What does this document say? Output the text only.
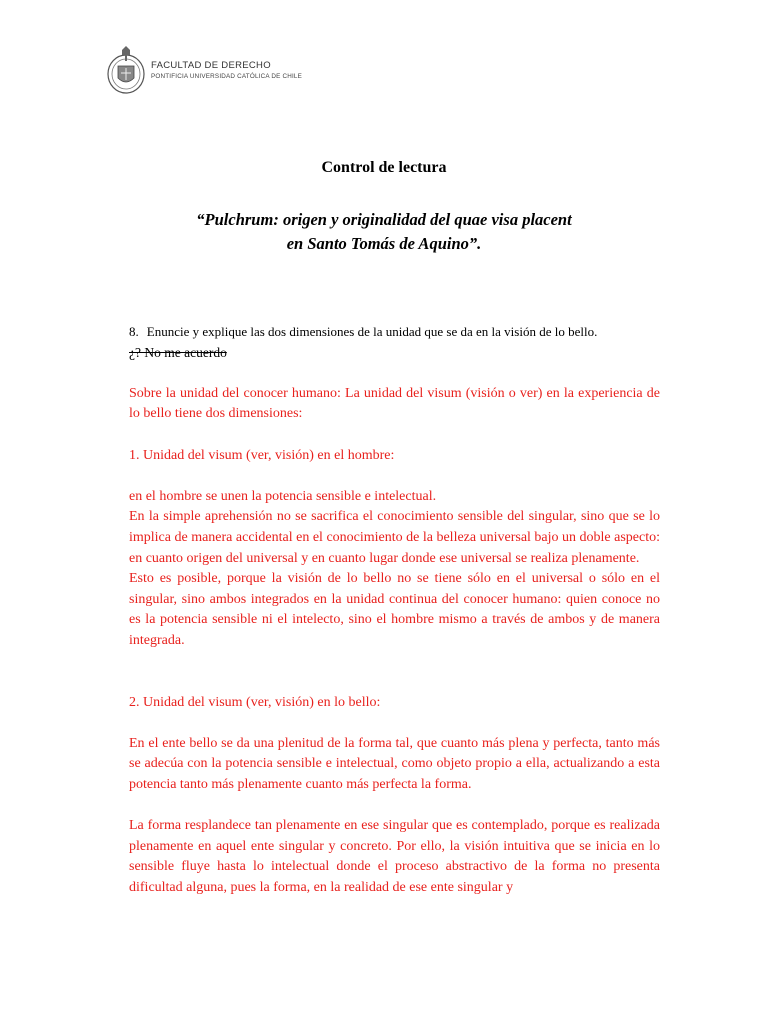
FACULTAD DE DERECHO
PONTIFICIA UNIVERSIDAD CATÓLICA DE CHILE
Control de lectura
“Pulchrum: origen y originalidad del quae visa placent
en Santo Tomás de Aquino”.
8. Enuncie y explique las dos dimensiones de la unidad que se da en la visión de lo bello.
¿? No me acuerdo

Sobre la unidad del conocer humano: La unidad del visum (visión o ver) en la experiencia de lo bello tiene dos dimensiones:

1. Unidad del visum (ver, visión) en el hombre:

en el hombre se unen la potencia sensible e intelectual.

En la simple aprehensión no se sacrifica el conocimiento sensible del singular, sino que se lo implica de manera accidental en el conocimiento de la belleza universal bajo un doble aspecto: en cuanto origen del universal y en cuanto lugar donde ese universal se realiza plenamente.

Esto es posible, porque la visión de lo bello no se tiene sólo en el universal o sólo en el singular, sino ambos integrados en la unidad continua del conocer humano: quien conoce no es la potencia sensible ni el intelecto, sino el hombre mismo a través de ambos y de manera integrada.

2. Unidad del visum (ver, visión) en lo bello:

En el ente bello se da una plenitud de la forma tal, que cuanto más plena y perfecta, tanto más se adecúa con la potencia sensible e intelectual, como objeto propio a ella, actualizando a esta potencia tanto más plenamente cuanto más perfecta la forma.

La forma resplandece tan plenamente en ese singular que es contemplado, porque es realizada plenamente en aquel ente singular y concreto. Por ello, la visión intuitiva que se inicia en lo sensible fluye hasta lo intelectual donde el proceso abstractivo de la forma no presenta dificultad alguna, pues la forma, en la realidad de ese ente singular y
